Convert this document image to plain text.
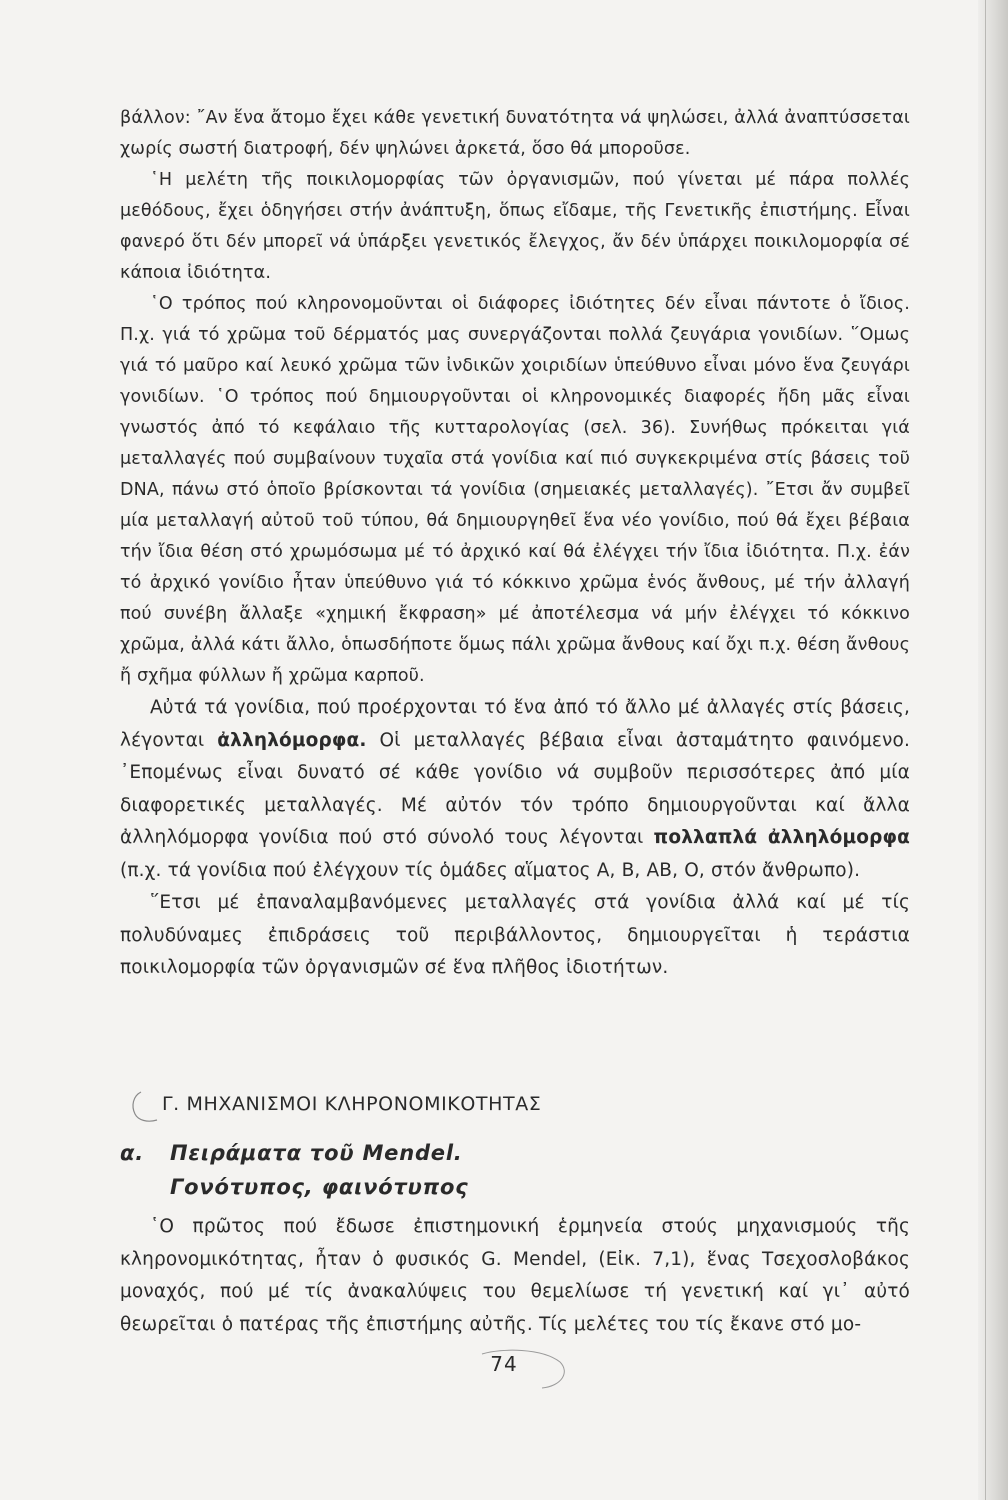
βάλλον: ῎Αν ἕνα ἄτομο ἔχει κάθε γενετική δυνατότητα νά ψηλώσει, ἀλλά ἀναπτύσσεται χωρίς σωστή διατροφή, δέν ψηλώνει ἀρκετά, ὅσο θά μποροῦσε.

῾Η μελέτη τῆς ποικιλομορφίας τῶν ὀργανισμῶν, πού γίνεται μέ πάρα πολλές μεθόδους, ἔχει ὁδηγήσει στήν ἀνάπτυξη, ὅπως εἴδαμε, τῆς Γενετικῆς ἐπιστήμης. Εἶναι φανερό ὅτι δέν μπορεῖ νά ὑπάρξει γενετικός ἔλεγχος, ἄν δέν ὑπάρχει ποικιλομορφία σέ κάποια ἰδιότητα.

῾Ο τρόπος πού κληρονομοῦνται οἱ διάφορες ἰδιότητες δέν εἶναι πάντοτε ὁ ἴδιος. Π.χ. γιά τό χρῶμα τοῦ δέρματός μας συνεργάζονται πολλά ζευγάρια γονιδίων. ῞Ομως γιά τό μαῦρο καί λευκό χρῶμα τῶν ἰνδικῶν χοιριδίων ὑπεύθυνο εἶναι μόνο ἕνα ζευγάρι γονιδίων. ῾Ο τρόπος πού δημιουργοῦνται οἱ κληρονομικές διαφορές ἤδη μᾶς εἶναι γνωστός ἀπό τό κεφάλαιο τῆς κυτταρολογίας (σελ. 36). Συνήθως πρόκειται γιά μεταλλαγές πού συμβαίνουν τυχαῖα στά γονίδια καί πιό συγκεκριμένα στίς βάσεις τοῦ DNA, πάνω στό ὁποῖο βρίσκονται τά γονίδια (σημειακές μεταλλαγές). ῎Ετσι ἄν συμβεῖ μία μεταλλαγή αὐτοῦ τοῦ τύπου, θά δημιουργηθεῖ ἕνα νέο γονίδιο, πού θά ἔχει βέβαια τήν ἴδια θέση στό χρωμόσωμα μέ τό ἀρχικό καί θά ἐλέγχει τήν ἴδια ἰδιότητα. Π.χ. ἐάν τό ἀρχικό γονίδιο ἦταν ὑπεύθυνο γιά τό κόκκινο χρῶμα ἑνός ἄνθους, μέ τήν ἀλλαγή πού συνέβη ἄλλαξε «χημική ἔκφραση» μέ ἀποτέλεσμα νά μήν ἐλέγχει τό κόκκινο χρῶμα, ἀλλά κάτι ἄλλο, ὁπωσδήποτε ὅμως πάλι χρῶμα ἄνθους καί ὄχι π.χ. θέση ἄνθους ἤ σχῆμα φύλλων ἤ χρῶμα καρποῦ.

Αὐτά τά γονίδια, πού προέρχονται τό ἕνα ἀπό τό ἄλλο μέ ἀλλαγές στίς βάσεις, λέγονται ἀλληλόμορφα. Οἱ μεταλλαγές βέβαια εἶναι ἀσταμάτητο φαινόμενο. ᾿Επομένως εἶναι δυνατό σέ κάθε γονίδιο νά συμβοῦν περισσότερες ἀπό μία διαφορετικές μεταλλαγές. Μέ αὐτόν τόν τρόπο δημιουργοῦνται καί ἄλλα ἀλληλόμορφα γονίδια πού στό σύνολό τους λέγονται πολλαπλά ἀλληλόμορφα (π.χ. τά γονίδια πού ἐλέγχουν τίς ὁμάδες αἵματος Α, Β, ΑΒ, Ο, στόν ἄνθρωπο).

῞Ετσι μέ ἐπαναλαμβανόμενες μεταλλαγές στά γονίδια ἀλλά καί μέ τίς πολυδύναμες ἐπιδράσεις τοῦ περιβάλλοντος, δημιουργεῖται ἡ τεράστια ποικιλομορφία τῶν ὀργανισμῶν σέ ἕνα πλῆθος ἰδιοτήτων.

Γ. ΜΗΧΑΝΙΣΜΟΙ ΚΛΗΡΟΝΟΜΙΚΟΤΗΤΑΣ
α. Πειράματα τοῦ Mendel.
Γονότυπος, φαινότυπος

῾Ο πρῶτος πού ἔδωσε ἐπιστημονική ἑρμηνεία στούς μηχανισμούς τῆς κληρονομικότητας, ἦταν ὁ φυσικός G. Mendel, (Εἰκ. 7,1), ἕνας Τσεχοσλοβάκος μοναχός, πού μέ τίς ἀνακαλύψεις του θεμελίωσε τή γενετική καί γι᾿ αὐτό θεωρεῖται ὁ πατέρας τῆς ἐπιστήμης αὐτῆς. Τίς μελέτες του τίς ἔκανε στό μο-

74
